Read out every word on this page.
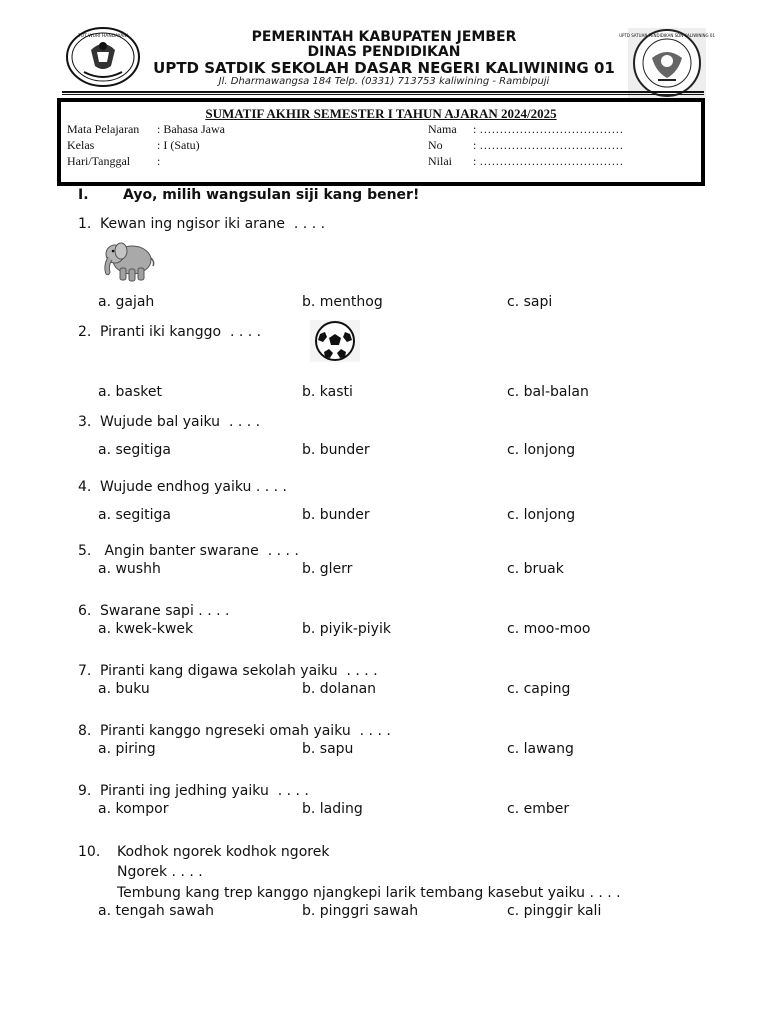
TUT WURI HANDAYANI	UPTD SATUAN PENDIDIKAN SDN KALIWINING 01
PEMERINTAH KABUPATEN JEMBER
DINAS PENDIDIKAN
UPTD SATDIK SEKOLAH DASAR NEGERI KALIWINING 01
Jl. Dharmawangsa 184 Telp. (0331) 713753 kaliwining - Rambipuji
SUMATIF AKHIR SEMESTER I TAHUN AJARAN 2024/2025
Mata Pelajaran : Bahasa Jawa
Kelas	: I (Satu)
Hari/Tanggal :
Nama : ………………………………
No	: ………………………………
Nilai : ………………………………
I. Ayo, milih wangsulan siji kang bener!
1. Kewan ing ngisor iki arane  . . . .
a. gajah	b. menthog	c. sapi
2. Piranti iki kanggo  . . . .
a. basket	b. kasti	c. bal-balan
3. Wujude bal yaiku  . . . .
a. segitiga	b. bunder	c. lonjong
4. Wujude endhog yaiku . . . .
a. segitiga	b. bunder	c. lonjong
5. Angin banter swarane  . . . .
a. wushh	b. glerr	c. bruak
6. Swarane sapi . . . .
a. kwek-kwek	b. piyik-piyik	c. moo-moo
7. Piranti kang digawa sekolah yaiku  . . . .
a. buku	b. dolanan	c. caping
8. Piranti kanggo ngreseki omah yaiku  . . . .
a. piring	b. sapu	c. lawang
9. Piranti ing jedhing yaiku  . . . .
a. kompor	b. lading	c. ember
10. Kodhok ngorek kodhok ngorek
Ngorek . . . .
Tembung kang trep kanggo njangkepi larik tembang kasebut yaiku . . . .
a. tengah sawah	b. pinggri sawah	c. pinggir kali
